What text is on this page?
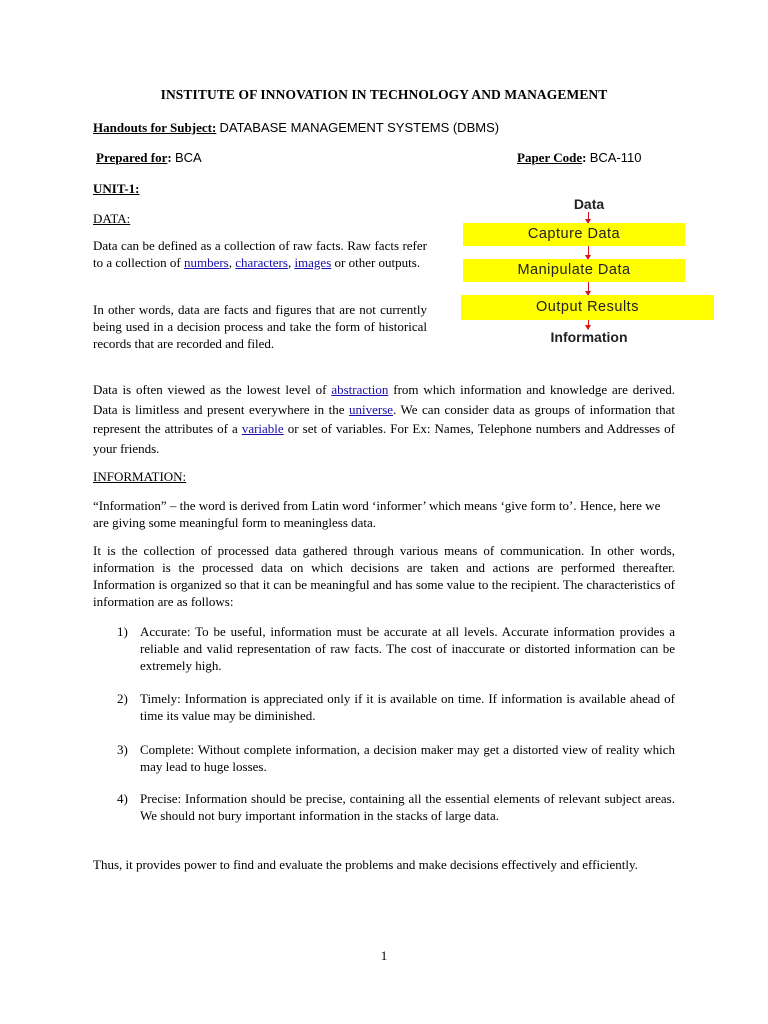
INSTITUTE OF INNOVATION IN TECHNOLOGY AND MANAGEMENT
Handouts for Subject: DATABASE MANAGEMENT SYSTEMS (DBMS)
Prepared for: BCA	Paper Code: BCA-110
UNIT-1:
DATA:
Data can be defined as a collection of raw facts. Raw facts refer to a collection of numbers, characters, images or other outputs.
In other words, data are facts and figures that are not currently being used in a decision process and take the form of historical records that are recorded and filed.
Data is often viewed as the lowest level of abstraction from which information and knowledge are derived. Data is limitless and present everywhere in the universe. We can consider data as groups of information that represent the attributes of a variable or set of variables. For Ex: Names, Telephone numbers and Addresses of your friends.
Data
Capture Data
Manipulate Data
Output Results
Information
INFORMATION:
“Information” – the word is derived from Latin word ‘informer’ which means ‘give form to’. Hence, here we are giving some meaningful form to meaningless data.
It is the collection of processed data gathered through various means of communication. In other words, information is the processed data on which decisions are taken and actions are performed thereafter. Information is organized so that it can be meaningful and has some value to the recipient. The characteristics of information are as follows:
1) Accurate: To be useful, information must be accurate at all levels. Accurate information provides a reliable and valid representation of raw facts. The cost of inaccurate or distorted information can be extremely high.
2) Timely: Information is appreciated only if it is available on time. If information is available ahead of time its value may be diminished.
3) Complete: Without complete information, a decision maker may get a distorted view of reality which may lead to huge losses.
4) Precise: Information should be precise, containing all the essential elements of relevant subject areas. We should not bury important information in the stacks of large data.
Thus, it provides power to find and evaluate the problems and make decisions effectively and efficiently.
1
